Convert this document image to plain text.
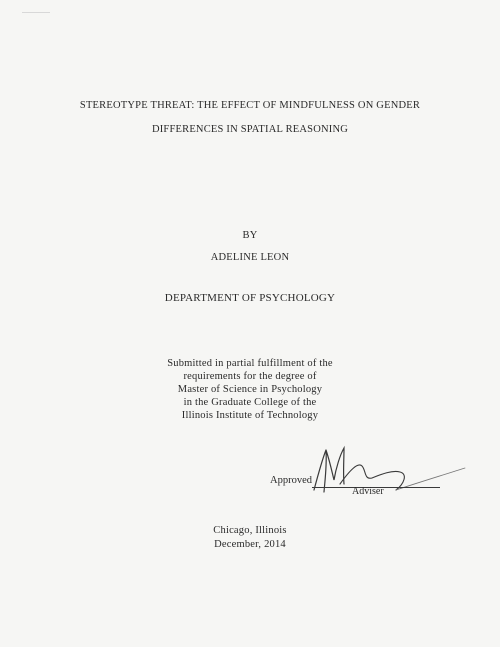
STEREOTYPE THREAT: THE EFFECT OF MINDFULNESS ON GENDER
DIFFERENCES IN SPATIAL REASONING
BY
ADELINE LEON
DEPARTMENT OF PSYCHOLOGY
Submitted in partial fulfillment of the
requirements for the degree of
Master of Science in Psychology
in the Graduate College of the
Illinois Institute of Technology
Approved
Adviser
Chicago, Illinois
December, 2014
